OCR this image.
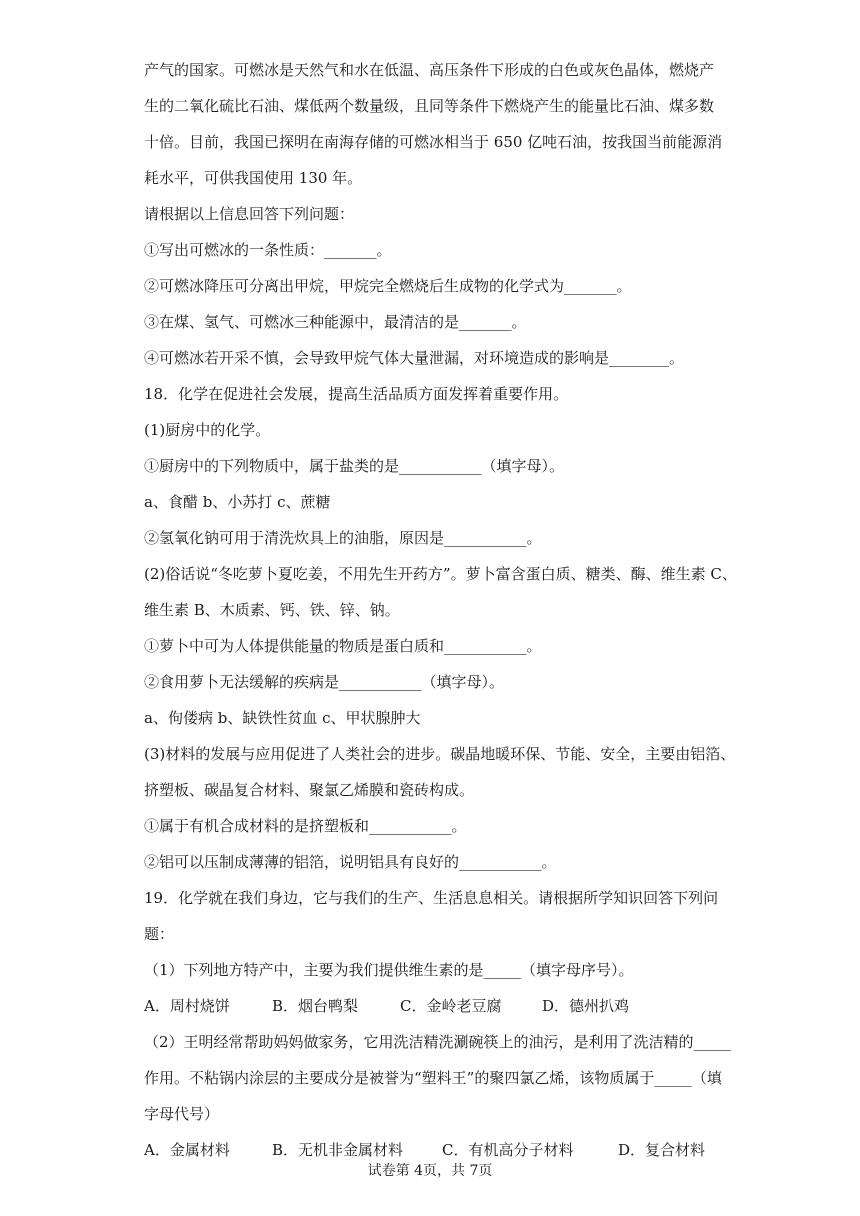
产气的国家。可燃冰是天然气和水在低温、高压条件下形成的白色或灰色晶体，燃烧产
生的二氧化硫比石油、煤低两个数量级，且同等条件下燃烧产生的能量比石油、煤多数
十倍。目前，我国已探明在南海存储的可燃冰相当于 650 亿吨石油，按我国当前能源消
耗水平，可供我国使用 130 年。
请根据以上信息回答下列问题：
①写出可燃冰的一条性质：_______。
②可燃冰降压可分离出甲烷，甲烷完全燃烧后生成物的化学式为_______。
③在煤、氢气、可燃冰三种能源中，最清洁的是_______。
④可燃冰若开采不慎，会导致甲烷气体大量泄漏，对环境造成的影响是________。
18．化学在促进社会发展，提高生活品质方面发挥着重要作用。
(1)厨房中的化学。
①厨房中的下列物质中，属于盐类的是___________（填字母）。
a、食醋 b、小苏打 c、蔗糖
②氢氧化钠可用于清洗炊具上的油脂，原因是___________。
(2)俗话说“冬吃萝卜夏吃姜，不用先生开药方”。萝卜富含蛋白质、糖类、酶、维生素 C、
维生素 B、木质素、钙、铁、锌、钠。
①萝卜中可为人体提供能量的物质是蛋白质和___________。
②食用萝卜无法缓解的疾病是___________（填字母）。
a、佝偻病 b、缺铁性贫血 c、甲状腺肿大
(3)材料的发展与应用促进了人类社会的进步。碳晶地暖环保、节能、安全，主要由铝箔、
挤塑板、碳晶复合材料、聚氯乙烯膜和瓷砖构成。
①属于有机合成材料的是挤塑板和___________。
②铝可以压制成薄薄的铝箔，说明铝具有良好的___________。
19．化学就在我们身边，它与我们的生产、生活息息相关。请根据所学知识回答下列问
题：
（1）下列地方特产中，主要为我们提供维生素的是_____（填字母序号）。
A．周村烧饼	B．烟台鸭梨	C．金岭老豆腐	D．德州扒鸡
（2）王明经常帮助妈妈做家务，它用洗洁精洗涮碗筷上的油污，是利用了洗洁精的_____
作用。不粘锅内涂层的主要成分是被誉为“塑料王”的聚四氯乙烯，该物质属于_____（填
字母代号）
A．金属材料	B．无机非金属材料	C．有机高分子材料	D．复合材料
试卷第 4页，共 7页
